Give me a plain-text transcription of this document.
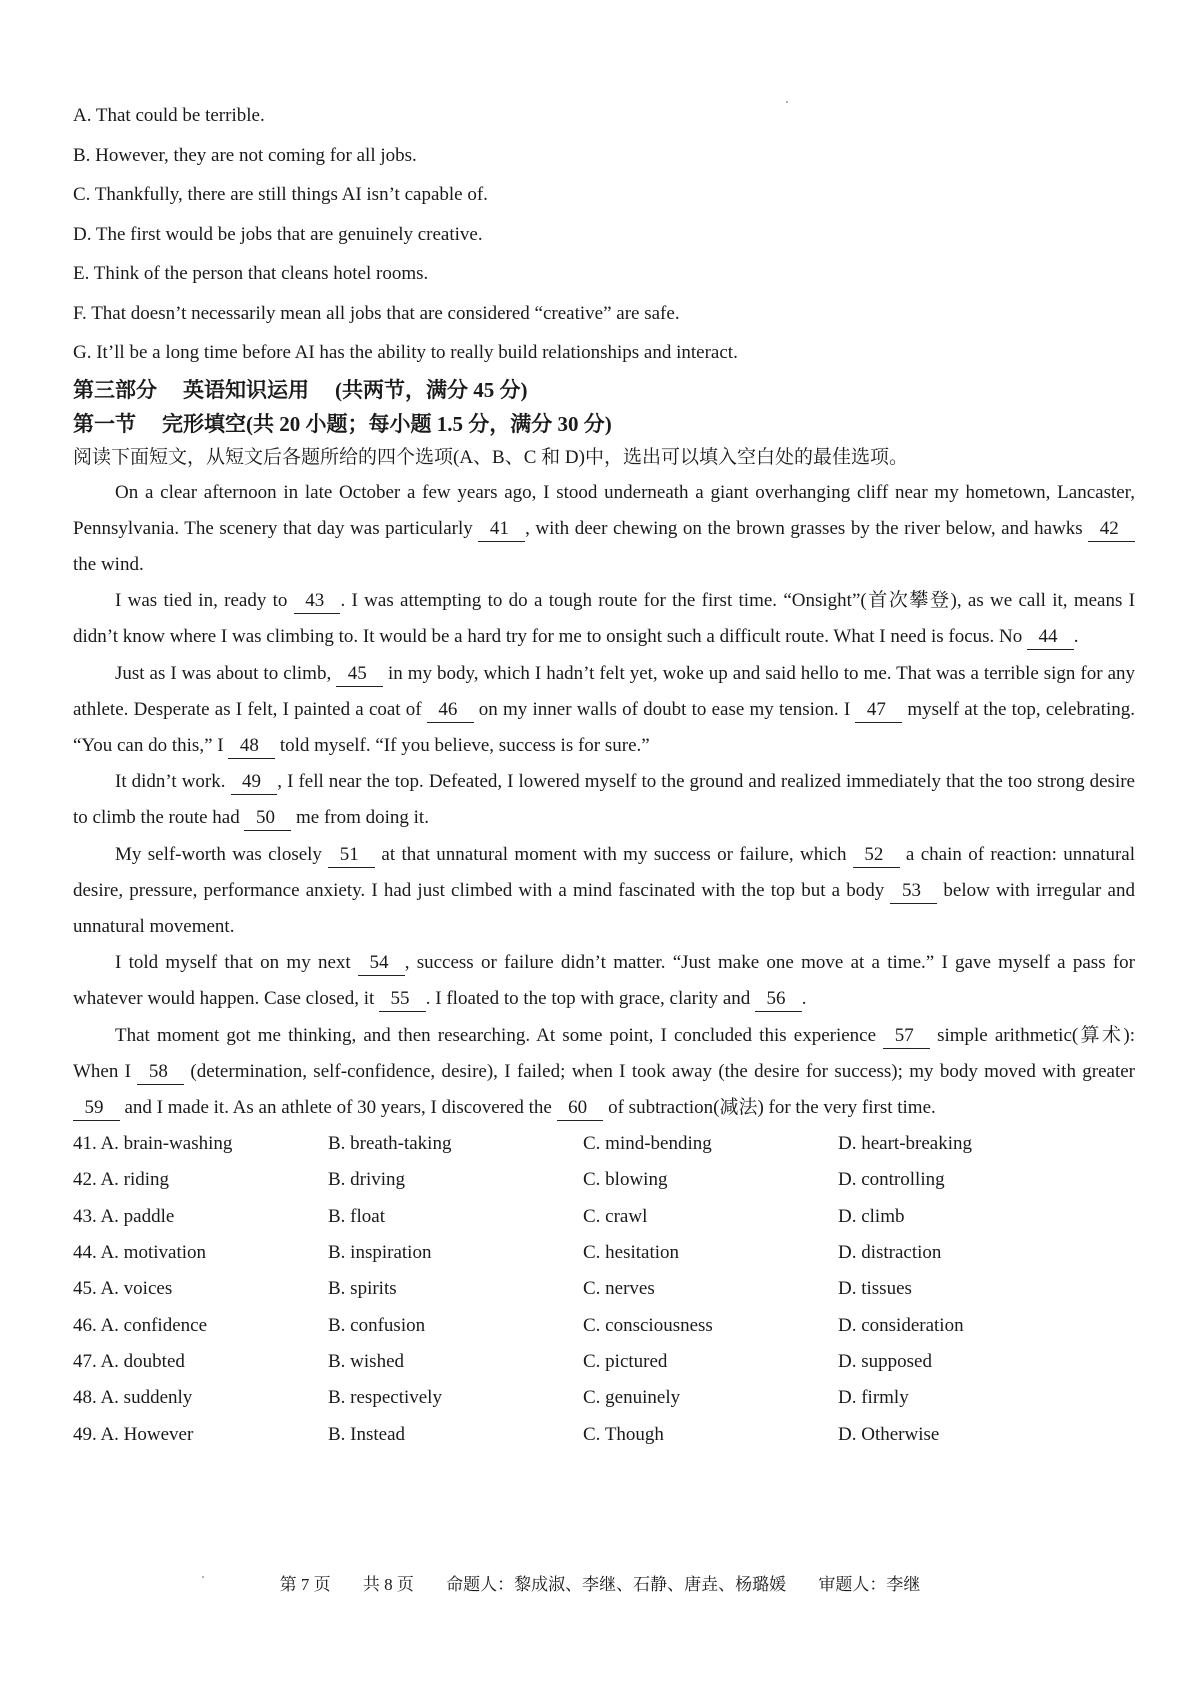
A. That could be terrible.
B. However, they are not coming for all jobs.
C. Thankfully, there are still things AI isn’t capable of.
D. The first would be jobs that are genuinely creative.
E. Think of the person that cleans hotel rooms.
F. That doesn’t necessarily mean all jobs that are considered “creative” are safe.
G. It’ll be a long time before AI has the ability to really build relationships and interact.
第三部分 英语知识运用 (共两节，满分 45 分)
第一节 完形填空(共 20 小题；每小题 1.5 分，满分 30 分)
阅读下面短文，从短文后各题所给的四个选项(A、B、C 和 D)中，选出可以填入空白处的最佳选项。

On a clear afternoon in late October a few years ago, I stood underneath a giant overhanging cliff near my hometown, Lancaster, Pennsylvania. The scenery that day was particularly   41   , with deer chewing on the brown grasses by the river below, and hawks   42    the wind.

I was tied in, ready to   43   . I was attempting to do a tough route for the first time. “Onsight”(首次攀登), as we call it, means I didn’t know where I was climbing to. It would be a hard try for me to onsight such a difficult route. What I need is focus. No   44   .

Just as I was about to climb,   45    in my body, which I hadn’t felt yet, woke up and said hello to me. That was a terrible sign for any athlete. Desperate as I felt, I painted a coat of   46    on my inner walls of doubt to ease my tension. I   47    myself at the top, celebrating. “You can do this,” I   48    told myself. “If you believe, success is for sure.”

It didn’t work.   49   , I fell near the top. Defeated, I lowered myself to the ground and realized immediately that the too strong desire to climb the route had   50    me from doing it.

My self-worth was closely   51    at that unnatural moment with my success or failure, which   52    a chain of reaction: unnatural desire, pressure, performance anxiety. I had just climbed with a mind fascinated with the top but a body   53    below with irregular and unnatural movement.

I told myself that on my next   54   , success or failure didn’t matter. “Just make one move at a time.” I gave myself a pass for whatever would happen. Case closed, it   55   . I floated to the top with grace, clarity and   56   .

That moment got me thinking, and then researching. At some point, I concluded this experience   57    simple arithmetic(算术): When I   58    (determination, self-confidence, desire), I failed; when I took away (the desire for success); my body moved with greater   59    and I made it. As an athlete of 30 years, I discovered the   60    of subtraction(减法) for the very first time.

41. A. brain-washing	B. breath-taking	C. mind-bending	D. heart-breaking
42. A. riding	B. driving	C. blowing	D. controlling
43. A. paddle	B. float	C. crawl	D. climb
44. A. motivation	B. inspiration	C. hesitation	D. distraction
45. A. voices	B. spirits	C. nerves	D. tissues
46. A. confidence	B. confusion	C. consciousness	D. consideration
47. A. doubted	B. wished	C. pictured	D. supposed
48. A. suddenly	B. respectively	C. genuinely	D. firmly
49. A. However	B. Instead	C. Though	D. Otherwise
第 7 页 共 8 页 命题人：黎成淑、李继、石静、唐垚、杨璐媛 审题人：李继
